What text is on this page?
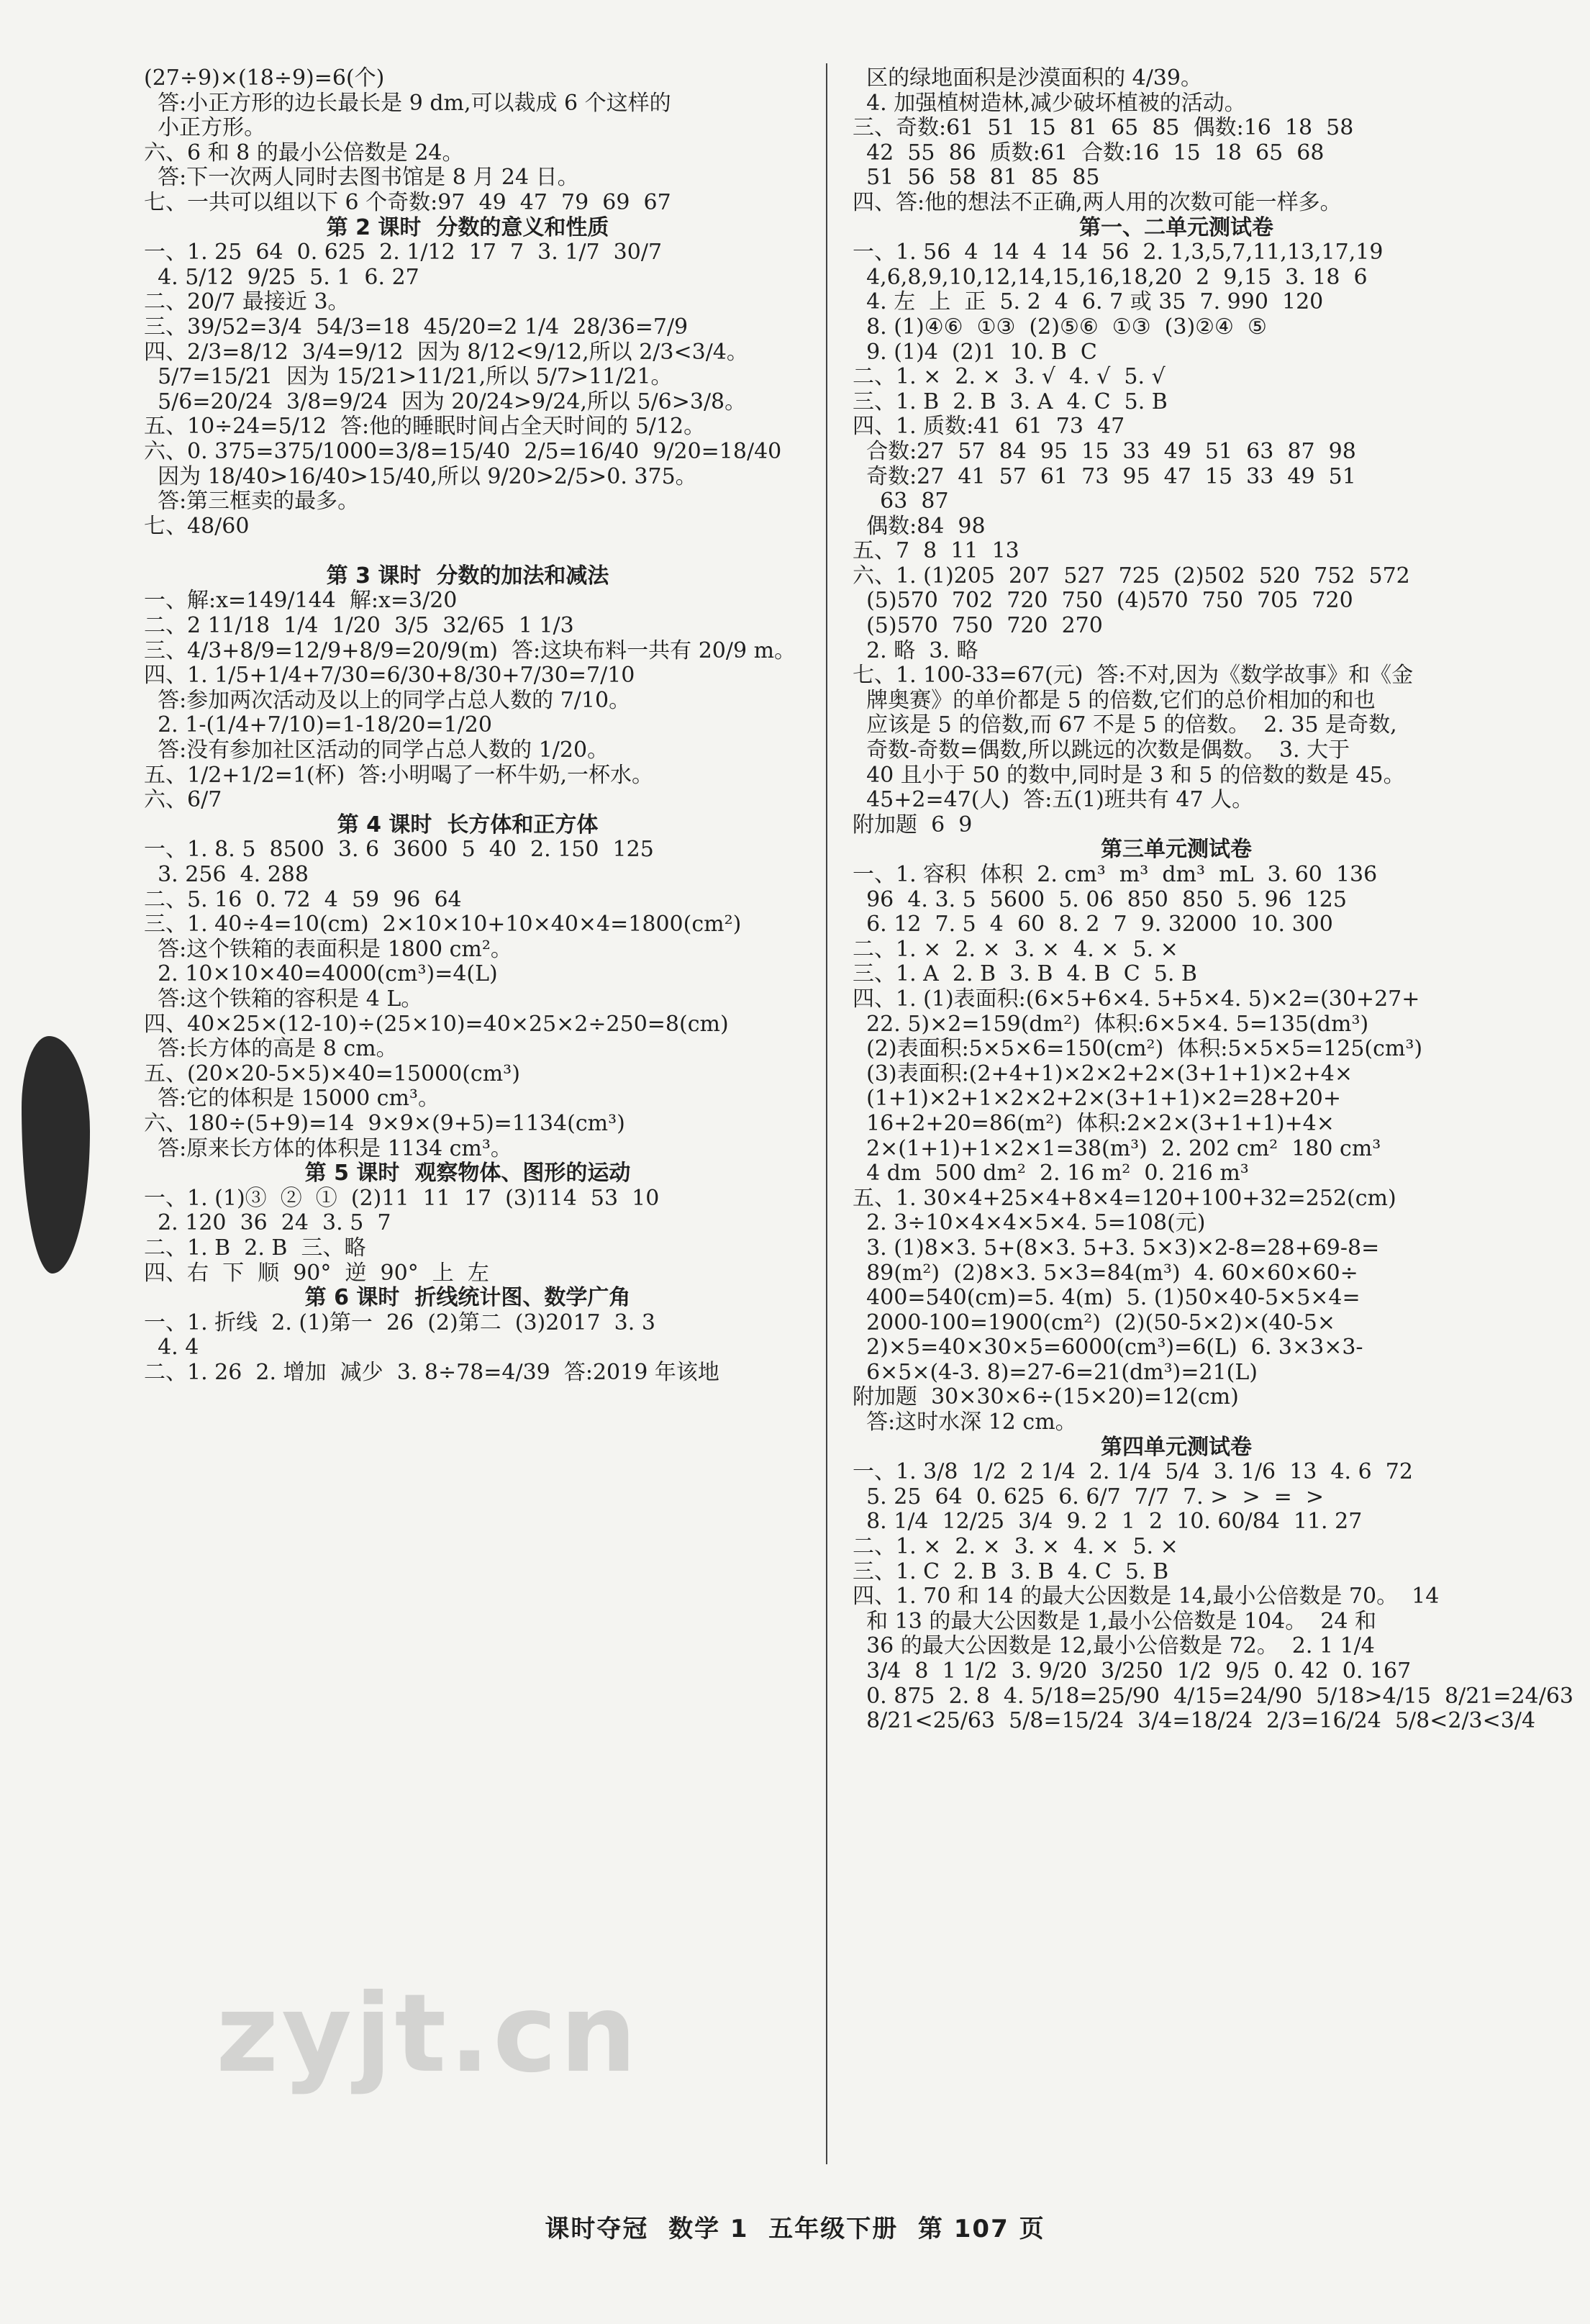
(27÷9)×(18÷9)=6(个)
答:小正方形的边长最长是 9 dm,可以裁成 6 个这样的
小正方形。
六、6 和 8 的最小公倍数是 24。
答:下一次两人同时去图书馆是 8 月 24 日。
七、一共可以组以下 6 个奇数:97  49  47  79  69  67
第 2 课时  分数的意义和性质
一、1. 25  64  0. 625  2. 1/12  17  7  3. 1/7  30/7
4. 5/12  9/25  5. 1  6. 27
二、20/7 最接近 3。
三、39/52=3/4  54/3=18  45/20=2 1/4  28/36=7/9
四、2/3=8/12  3/4=9/12  因为 8/12<9/12,所以 2/3<3/4。
5/7=15/21  因为 15/21>11/21,所以 5/7>11/21。
5/6=20/24  3/8=9/24  因为 20/24>9/24,所以 5/6>3/8。
五、10÷24=5/12  答:他的睡眠时间占全天时间的 5/12。
六、0. 375=375/1000=3/8=15/40  2/5=16/40  9/20=18/40
因为 18/40>16/40>15/40,所以 9/20>2/5>0. 375。
答:第三框卖的最多。
七、48/60
第 3 课时  分数的加法和减法
一、解:x=149/144  解:x=3/20
二、2 11/18  1/4  1/20  3/5  32/65  1 1/3
三、4/3+8/9=12/9+8/9=20/9(m)  答:这块布料一共有 20/9 m。
四、1. 1/5+1/4+7/30=6/30+8/30+7/30=7/10
答:参加两次活动及以上的同学占总人数的 7/10。
2. 1-(1/4+7/10)=1-18/20=1/20
答:没有参加社区活动的同学占总人数的 1/20。
五、1/2+1/2=1(杯)  答:小明喝了一杯牛奶,一杯水。
六、6/7
第 4 课时  长方体和正方体
一、1. 8. 5  8500  3. 6  3600  5  40  2. 150  125
3. 256  4. 288
二、5. 16  0. 72  4  59  96  64
三、1. 40÷4=10(cm)  2×10×10+10×40×4=1800(cm²)
答:这个铁箱的表面积是 1800 cm²。
2. 10×10×40=4000(cm³)=4(L)
答:这个铁箱的容积是 4 L。
四、40×25×(12-10)÷(25×10)=40×25×2÷250=8(cm)
答:长方体的高是 8 cm。
五、(20×20-5×5)×40=15000(cm³)
答:它的体积是 15000 cm³。
六、180÷(5+9)=14  9×9×(9+5)=1134(cm³)
答:原来长方体的体积是 1134 cm³。
第 5 课时  观察物体、图形的运动
一、1. (1)③  ②  ①  (2)11  11  17  (3)114  53  10
2. 120  36  24  3. 5  7
二、1. B  2. B  三、略
四、右  下  顺  90°  逆  90°  上  左
第 6 课时  折线统计图、数学广角
一、1. 折线  2. (1)第一  26  (2)第二  (3)2017  3. 3
4. 4
二、1. 26  2. 增加  减少  3. 8÷78=4/39  答:2019 年该地
区的绿地面积是沙漠面积的 4/39。
4. 加强植树造林,减少破坏植被的活动。
三、奇数:61  51  15  81  65  85  偶数:16  18  58
42  55  86  质数:61  合数:16  15  18  65  68
51  56  58  81  85  85
四、答:他的想法不正确,两人用的次数可能一样多。
第一、二单元测试卷
一、1. 56  4  14  4  14  56  2. 1,3,5,7,11,13,17,19
4,6,8,9,10,12,14,15,16,18,20  2  9,15  3. 18  6
4. 左  上  正  5. 2  4  6. 7 或 35  7. 990  120
8. (1)④⑥  ①③  (2)⑤⑥  ①③  (3)②④  ⑤
9. (1)4  (2)1  10. B  C
二、1. ×  2. ×  3. √  4. √  5. √
三、1. B  2. B  3. A  4. C  5. B
四、1. 质数:41  61  73  47
合数:27  57  84  95  15  33  49  51  63  87  98
奇数:27  41  57  61  73  95  47  15  33  49  51
63  87
偶数:84  98
五、7  8  11  13
六、1. (1)205  207  527  725  (2)502  520  752  572
(5)570  702  720  750  (4)570  750  705  720
(5)570  750  720  270
2. 略  3. 略
七、1. 100-33=67(元)  答:不对,因为《数学故事》和《金
牌奥赛》的单价都是 5 的倍数,它们的总价相加的和也
应该是 5 的倍数,而 67 不是 5 的倍数。  2. 35 是奇数,
奇数-奇数=偶数,所以跳远的次数是偶数。  3. 大于
40 且小于 50 的数中,同时是 3 和 5 的倍数的数是 45。
45+2=47(人)  答:五(1)班共有 47 人。
附加题  6  9
第三单元测试卷
一、1. 容积  体积  2. cm³  m³  dm³  mL  3. 60  136
96  4. 3. 5  5600  5. 06  850  850  5. 96  125
6. 12  7. 5  4  60  8. 2  7  9. 32000  10. 300
二、1. ×  2. ×  3. ×  4. ×  5. ×
三、1. A  2. B  3. B  4. B  C  5. B
四、1. (1)表面积:(6×5+6×4. 5+5×4. 5)×2=(30+27+
22. 5)×2=159(dm²)  体积:6×5×4. 5=135(dm³)
(2)表面积:5×5×6=150(cm²)  体积:5×5×5=125(cm³)
(3)表面积:(2+4+1)×2×2+2×(3+1+1)×2+4×
(1+1)×2+1×2×2+2×(3+1+1)×2=28+20+
16+2+20=86(m²)  体积:2×2×(3+1+1)+4×
2×(1+1)+1×2×1=38(m³)  2. 202 cm²  180 cm³
4 dm  500 dm²  2. 16 m²  0. 216 m³
五、1. 30×4+25×4+8×4=120+100+32=252(cm)
2. 3÷10×4×4×5×4. 5=108(元)
3. (1)8×3. 5+(8×3. 5+3. 5×3)×2-8=28+69-8=
89(m²)  (2)8×3. 5×3=84(m³)  4. 60×60×60÷
400=540(cm)=5. 4(m)  5. (1)50×40-5×5×4=
2000-100=1900(cm²)  (2)(50-5×2)×(40-5×
2)×5=40×30×5=6000(cm³)=6(L)  6. 3×3×3-
6×5×(4-3. 8)=27-6=21(dm³)=21(L)
附加题  30×30×6÷(15×20)=12(cm)
答:这时水深 12 cm。
第四单元测试卷
一、1. 3/8  1/2  2 1/4  2. 1/4  5/4  3. 1/6  13  4. 6  72
5. 25  64  0. 625  6. 6/7  7/7  7. >  >  =  >
8. 1/4  12/25  3/4  9. 2  1  2  10. 60/84  11. 27
二、1. ×  2. ×  3. ×  4. ×  5. ×
三、1. C  2. B  3. B  4. C  5. B
四、1. 70 和 14 的最大公因数是 14,最小公倍数是 70。  14
和 13 的最大公因数是 1,最小公倍数是 104。  24 和
36 的最大公因数是 12,最小公倍数是 72。  2. 1 1/4
3/4  8  1 1/2  3. 9/20  3/250  1/2  9/5  0. 42  0. 167
0. 875  2. 8  4. 5/18=25/90  4/15=24/90  5/18>4/15  8/21=24/63
8/21<25/63  5/8=15/24  3/4=18/24  2/3=16/24  5/8<2/3<3/4
zyjt.cn
课时夺冠  数学 1  五年级下册  第 107 页
